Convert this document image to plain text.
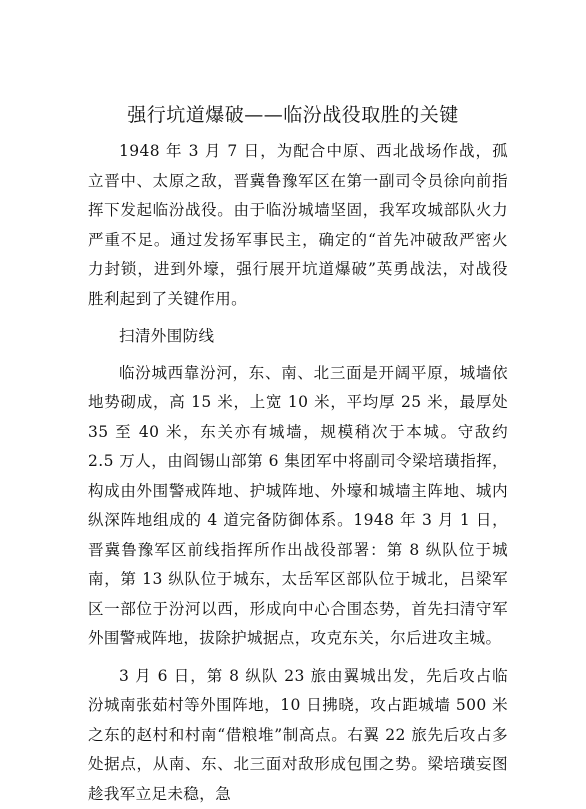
强行坑道爆破——临汾战役取胜的关键

1948 年 3 月 7 日，为配合中原、西北战场作战，孤立晋中、太原之敌，晋冀鲁豫军区在第一副司令员徐向前指挥下发起临汾战役。由于临汾城墙坚固，我军攻城部队火力严重不足。通过发扬军事民主，确定的“首先冲破敌严密火力封锁，进到外壕，强行展开坑道爆破”英勇战法，对战役胜利起到了关键作用。

扫清外围防线

临汾城西靠汾河，东、南、北三面是开阔平原，城墙依地势砌成，高 15 米，上宽 10 米，平均厚 25 米，最厚处 35 至 40 米，东关亦有城墙，规模稍次于本城。守敌约 2.5 万人，由阎锡山部第 6 集团军中将副司令梁培璜指挥，构成由外围警戒阵地、护城阵地、外壕和城墙主阵地、城内纵深阵地组成的 4 道完备防御体系。1948 年 3 月 1 日，晋冀鲁豫军区前线指挥所作出战役部署：第 8 纵队位于城南，第 13 纵队位于城东，太岳军区部队位于城北，吕梁军区一部位于汾河以西，形成向中心合围态势，首先扫清守军外围警戒阵地，拔除护城据点，攻克东关，尔后进攻主城。

3 月 6 日，第 8 纵队 23 旅由翼城出发，先后攻占临汾城南张茹村等外围阵地，10 日拂晓，攻占距城墙 500 米之东的赵村和村南“借粮堆”制高点。右翼 22 旅先后攻占多处据点，从南、东、北三面对敌形成包围之势。梁培璜妄图趁我军立足未稳，急
